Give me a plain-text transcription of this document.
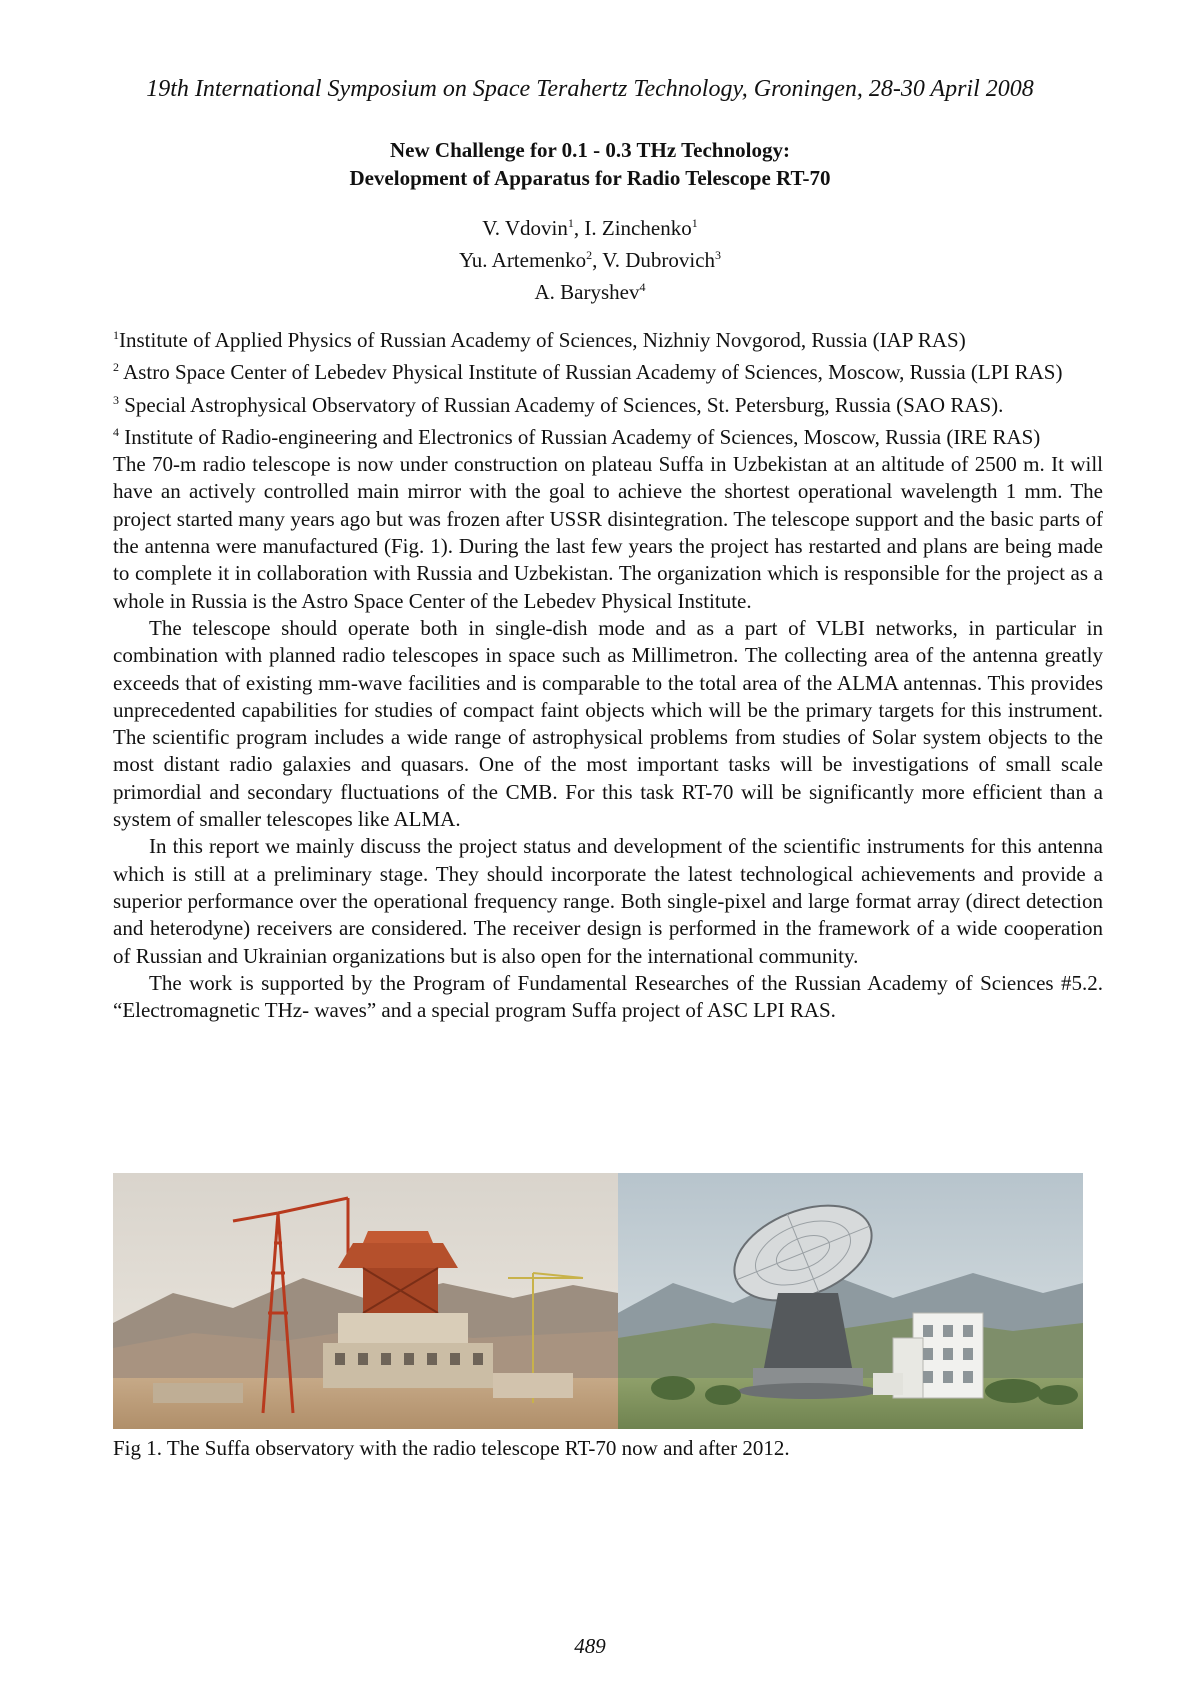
19th International Symposium on Space Terahertz Technology, Groningen, 28-30 April 2008
New Challenge for 0.1 - 0.3 THz Technology:
Development of Apparatus for Radio Telescope RT-70
V. Vdovin$^1$, I. Zinchenko$^1$
Yu. Artemenko$^2$, V. Dubrovich$^3$
A. Baryshev$^4$
$^1$Institute of Applied Physics of Russian Academy of Sciences, Nizhniy Novgorod, Russia (IAP RAS)
$^2$ Astro Space Center of Lebedev Physical Institute of Russian Academy of Sciences, Moscow, Russia (LPI RAS)
$^3$ Special Astrophysical Observatory of Russian Academy of Sciences, St. Petersburg, Russia (SAO RAS).
$^4$ Institute of Radio-engineering and Electronics of Russian Academy of Sciences, Moscow, Russia (IRE RAS)

The 70-m radio telescope is now under construction on plateau Suffa in Uzbekistan at an altitude of 2500 m. It will have an actively controlled main mirror with the goal to achieve the shortest operational wavelength 1 mm. The project started many years ago but was frozen after USSR disintegration. The telescope support and the basic parts of the antenna were manufactured (Fig. 1). During the last few years the project has restarted and plans are being made to complete it in collaboration with Russia and Uzbekistan. The organization which is responsible for the project as a whole in Russia is the Astro Space Center of the Lebedev Physical Institute.

The telescope should operate both in single-dish mode and as a part of VLBI networks, in particular in combination with planned radio telescopes in space such as Millimetron. The collecting area of the antenna greatly exceeds that of existing mm-wave facilities and is comparable to the total area of the ALMA antennas. This provides unprecedented capabilities for studies of compact faint objects which will be the primary targets for this instrument. The scientific program includes a wide range of astrophysical problems from studies of Solar system objects to the most distant radio galaxies and quasars. One of the most important tasks will be investigations of small scale primordial and secondary fluctuations of the CMB. For this task RT-70 will be significantly more efficient than a system of smaller telescopes like ALMA.

In this report we mainly discuss the project status and development of the scientific instruments for this antenna which is still at a preliminary stage. They should incorporate the latest technological achievements and provide a superior performance over the operational frequency range. Both single-pixel and large format array (direct detection and heterodyne) receivers are considered. The receiver design is performed in the framework of a wide cooperation of Russian and Ukrainian organizations but is also open for the international community.

The work is supported by the Program of Fundamental Researches of the Russian Academy of Sciences #5.2. “Electromagnetic THz- waves” and a special program Suffa project of ASC LPI RAS.

Fig 1. The Suffa observatory with the radio telescope RT-70 now and after 2012.
489
